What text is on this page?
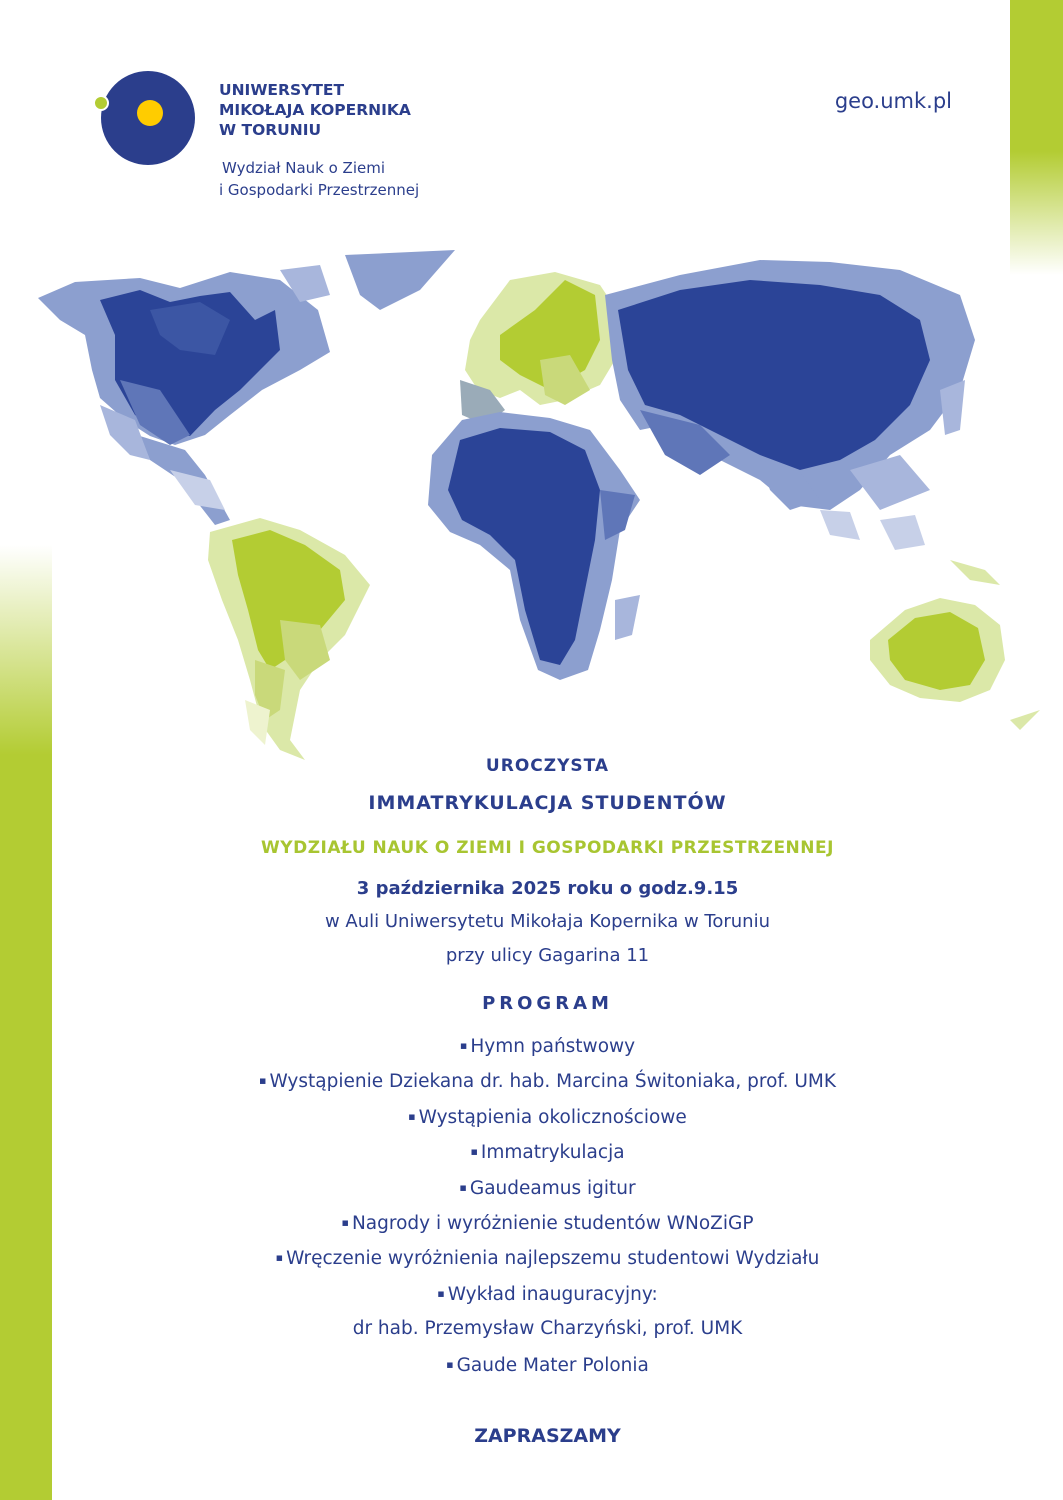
UNIWERSYTET
MIKOŁAJA KOPERNIKA
W TORUNIU
Wydział Nauk o Ziemi
i Gospodarki Przestrzennej
geo.umk.pl
UROCZYSTA
IMMATRYKULACJA STUDENTÓW
WYDZIAŁU NAUK O ZIEMI I GOSPODARKI PRZESTRZENNEJ
3 października 2025 roku o godz.9.15
w Auli Uniwersytetu Mikołaja Kopernika w Toruniu
przy ulicy Gagarina 11
PROGRAM
▪ Hymn państwowy
▪ Wystąpienie Dziekana dr. hab. Marcina Świtoniaka, prof. UMK
▪ Wystąpienia okolicznościowe
▪ Immatrykulacja
▪ Gaudeamus igitur
▪ Nagrody i wyróżnienie studentów WNoZiGP
▪ Wręczenie wyróżnienia najlepszemu studentowi Wydziału
▪ Wykład inauguracyjny:
dr hab. Przemysław Charzyński, prof. UMK
▪ Gaude Mater Polonia
ZAPRASZAMY
